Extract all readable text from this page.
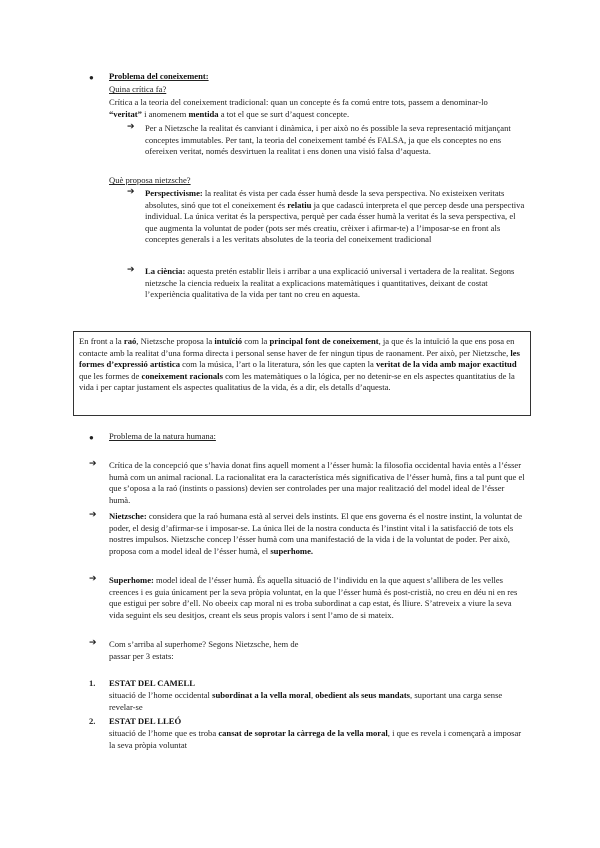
● Problema del coneixement:

Quina crítica fa?

Crítica a la teoria del coneixement tradicional: quan un concepte és fa comú entre tots, passem a denominar-lo “veritat” i anomenem mentida a tot el que se surt d’aquest concepte.

➔ Per a Nietzsche la realitat és canviant i dinàmica, i per això no és possible la seva representació mitjançant conceptes immutables. Per tant, la teoria del coneixement també és FALSA, ja que els conceptes no ens ofereixen veritat, només desvirtuen la realitat i ens donen una visió falsa d’aquesta.

Què proposa nietzsche?

➔ Perspectivisme: la realitat és vista per cada ésser humà desde la seva perspectiva. No existeixen veritats absolutes, sinó que tot el coneixement és relatiu ja que cadascú interpreta el que percep desde una perspectiva individual. La única veritat és la perspectiva, perquè per cada ésser humà la veritat és la seva perspectiva, el que augmenta la voluntat de poder (pots ser més creatiu, crèixer i afirmar-te) a l’imposar-se en front als conceptes generals i a les veritats absolutes de la teoria del coneixement tradicional

➔ La ciència: aquesta pretén establir lleis i arribar a una explicació universal i vertadera de la realitat. Segons nietzsche la ciencia redueix la realitat a explicacions matemàtiques i quantitatives, deixant de costat l’experiència qualitativa de la vida per tant no creu en aquesta.

En front a la raó, Nietzsche proposa la intuïció com la principal font de coneixement, ja que és la intuïció la que ens posa en contacte amb la realitat d’una forma directa i personal sense haver de fer ningun tipus de raonament. Per això, per Nietzsche, les formes d’expressió artística com la música, l’art o la literatura, són les que capten la veritat de la vida amb major exactitud que les formes de coneixement racionals com les matemàtiques o la lógica, per no detenir-se en els aspectes quantitatius de la vida i per captar justament els aspectes qualitatius de la vida, és a dir, els detalls d’aquesta.

● Problema de la natura humana:

➔ Crítica de la concepció que s’havia donat fins aquell moment a l’ésser humà: la filosofia occidental havia entès a l’ésser humà com un animal racional. La racionalitat era la característica més significativa de l’ésser humà, fins a tal punt que el que s’oposa a la raó (instints o passions) devien ser controlades per una major realització del model ideal de l’ésser humà.

➔ Nietzsche: considera que la raó humana està al servei dels instints. El que ens governa és el nostre instint, la voluntat de poder, el desig d’afirmar-se i imposar-se. La única llei de la nostra conducta és l’instint vital i la satisfacció de tots els nostres impulsos. Nietzsche concep l’ésser humà com una manifestació de la vida i de la voluntat de poder. Per això, proposa com a model ideal de l’ésser humà, el superhome.

➔ Superhome: model ideal de l’ésser humà. És aquella situació de l’individu en la que aquest s’allibera de les velles creences i es guia únicament per la seva pròpia voluntat, en la que l’ésser humà és post-cristià, no creu en déu ni en res que estigui per sobre d’ell. No obeeix cap moral ni es troba subordinat a cap estat, és lliure. S’atreveix a viure la seva vida seguint els seu desitjos, creant els seus propis valors i sent l’amo de si mateix.

➔ Com s’arriba al superhome? Segons Nietzsche, hem de passar per 3 estats:

1. ESTAT DEL CAMELL

situació de l’home occidental subordinat a la vella moral, obedient als seus mandats, suportant una carga sense revelar-se

2. ESTAT DEL LLEÓ

situació de l’home que es troba cansat de soprotar la càrrega de la vella moral, i que es revela i començarà a imposar la seva pròpia voluntat
